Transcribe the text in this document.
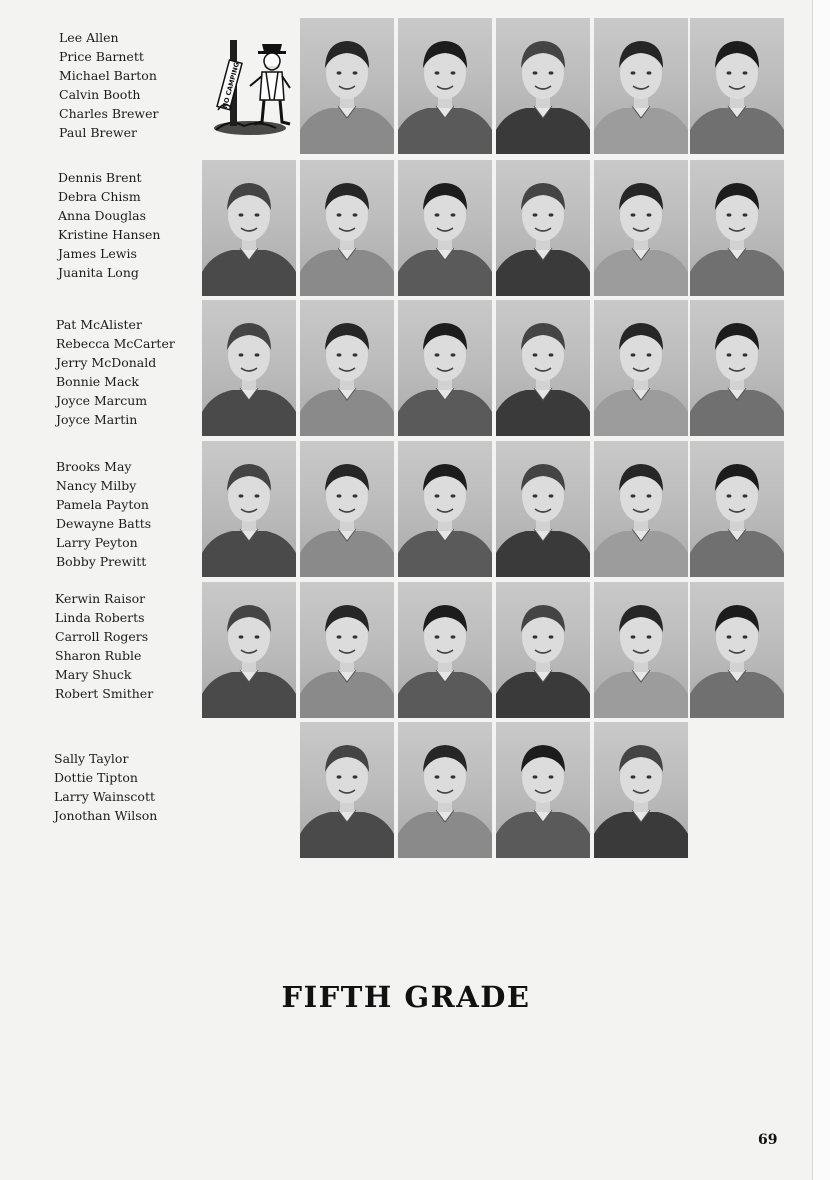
Lee Allen
Price Barnett
Michael Barton
Calvin Booth
Charles Brewer
Paul Brewer
Dennis Brent
Debra Chism
Anna Douglas
Kristine Hansen
James Lewis
Juanita Long
Pat McAlister
Rebecca McCarter
Jerry McDonald
Bonnie Mack
Joyce Marcum
Joyce Martin
Brooks May
Nancy Milby
Pamela Payton
Dewayne Batts
Larry Peyton
Bobby Prewitt
Kerwin Raisor
Linda Roberts
Carroll Rogers
Sharon Ruble
Mary Shuck
Robert Smither
Sally Taylor
Dottie Tipton
Larry Wainscott
Jonothan Wilson
NO CAMPING
FIFTH GRADE
69
